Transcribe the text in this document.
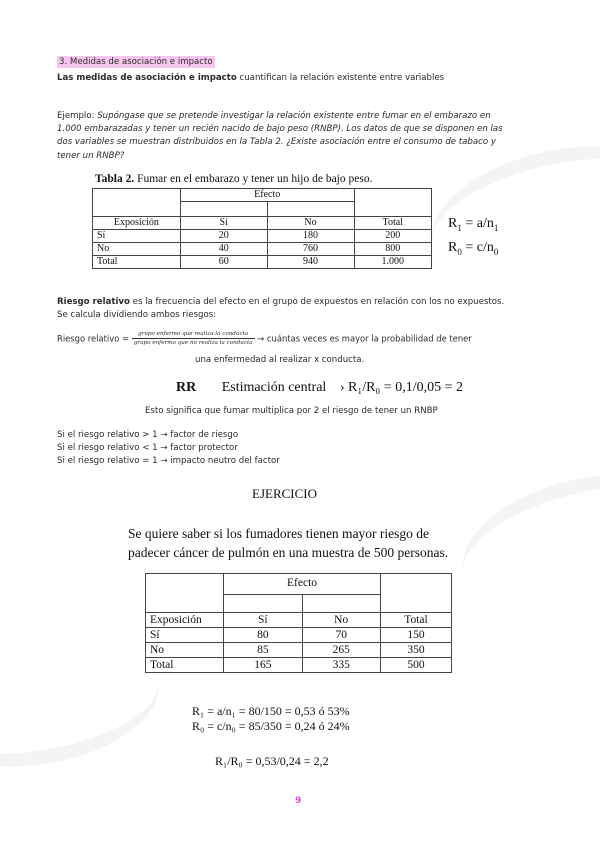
3. Medidas de asociación e impacto
Las medidas de asociación e impacto cuantifican la relación existente entre variables
Ejemplo: Supóngase que se pretende investigar la relación existente entre fumar en el embarazo en
1.000 embarazadas y tener un recién nacido de bajo peso (RNBP). Los datos de que se disponen en las
dos variables se muestran distribuidos en la Tabla 2. ¿Existe asociación entre el consumo de tabaco y
tener un RNBP?
Tabla 2. Fumar en el embarazo y tener un hijo de bajo peso.
	Efecto		

Exposición	Sí	No	Total
Sí	20	180	200
No	40	760	800
Total	60	940	1.000
$R_1 = a/n_1$
$R_0 = c/n_0$
Riesgo relativo es la frecuencia del efecto en el grupo de expuestos en relación con los no expuestos.
Se calcula dividiendo ambos riesgos:
Riesgo relativo =	grupo enfermo que realiza la conducta
grupo enfermo que no realiza la conducta → cuántas veces es mayor la probabilidad de tener
una enfermedad al realizar x conducta.
RR Estimación central › R₁/R₀ = 0,1/0,05 = 2
Esto significa que fumar multiplica por 2 el riesgo de tener un RNBP
Si el riesgo relativo > 1 → factor de riesgo
Si el riesgo relativo < 1 → factor protector
Si el riesgo relativo = 1 → impacto neutro del factor
EJERCICIO
Se quiere saber si los fumadores tienen mayor riesgo de
padecer cáncer de pulmón en una muestra de 500 personas.
	Efecto		

Exposición	Sí	No	Total
Sí	80	70	150
No	85	265	350
Total	165	335	500
R₁ = a/n₁ = 80/150 = 0,53 ó 53%
R₀ = c/n₀ = 85/350 = 0,24 ó 24%
R₁/R₀ = 0,53/0,24 = 2,2
9
